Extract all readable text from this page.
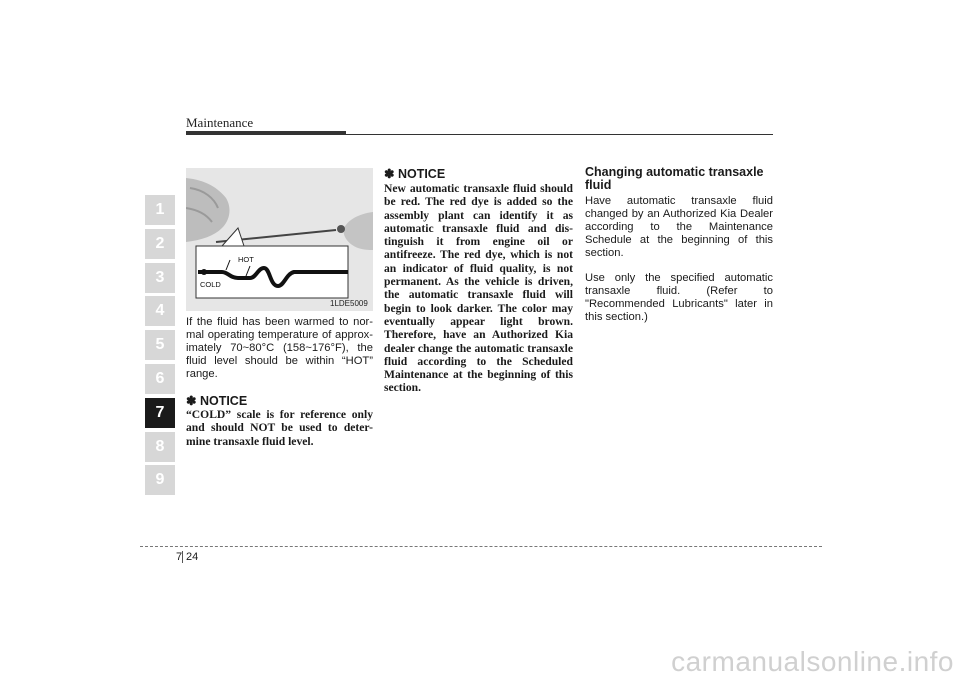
Maintenance
1
2
3
4
5
6
7
8
9
HOT
COLD
1LDE5009
If the fluid has been warmed to nor-mal operating temperature of approx-imately 70~80°C (158~176°F), the fluid level should be within “HOT” range.
✽ NOTICE
“COLD” scale is for reference only and should NOT be used to deter-mine transaxle fluid level.
✽ NOTICE
New automatic transaxle fluid should be red. The red dye is added so the assembly plant can identify it as automatic transaxle fluid and dis-tinguish it from engine oil or antifreeze. The red dye, which is not an indicator of fluid quality, is not permanent. As the vehicle is driven, the automatic transaxle fluid will begin to look darker. The color may eventually appear light brown. Therefore, have an Authorized Kia dealer change the automatic transaxle fluid according to the Scheduled Maintenance at the beginning of this section.
Changing automatic transaxle fluid
Have automatic transaxle fluid changed by an Authorized Kia Dealer according to the Maintenance Schedule at the beginning of this section.
Use only the specified automatic transaxle fluid. (Refer to "Recommended Lubricants" later in this section.)
7 24
carmanualsonline.info
